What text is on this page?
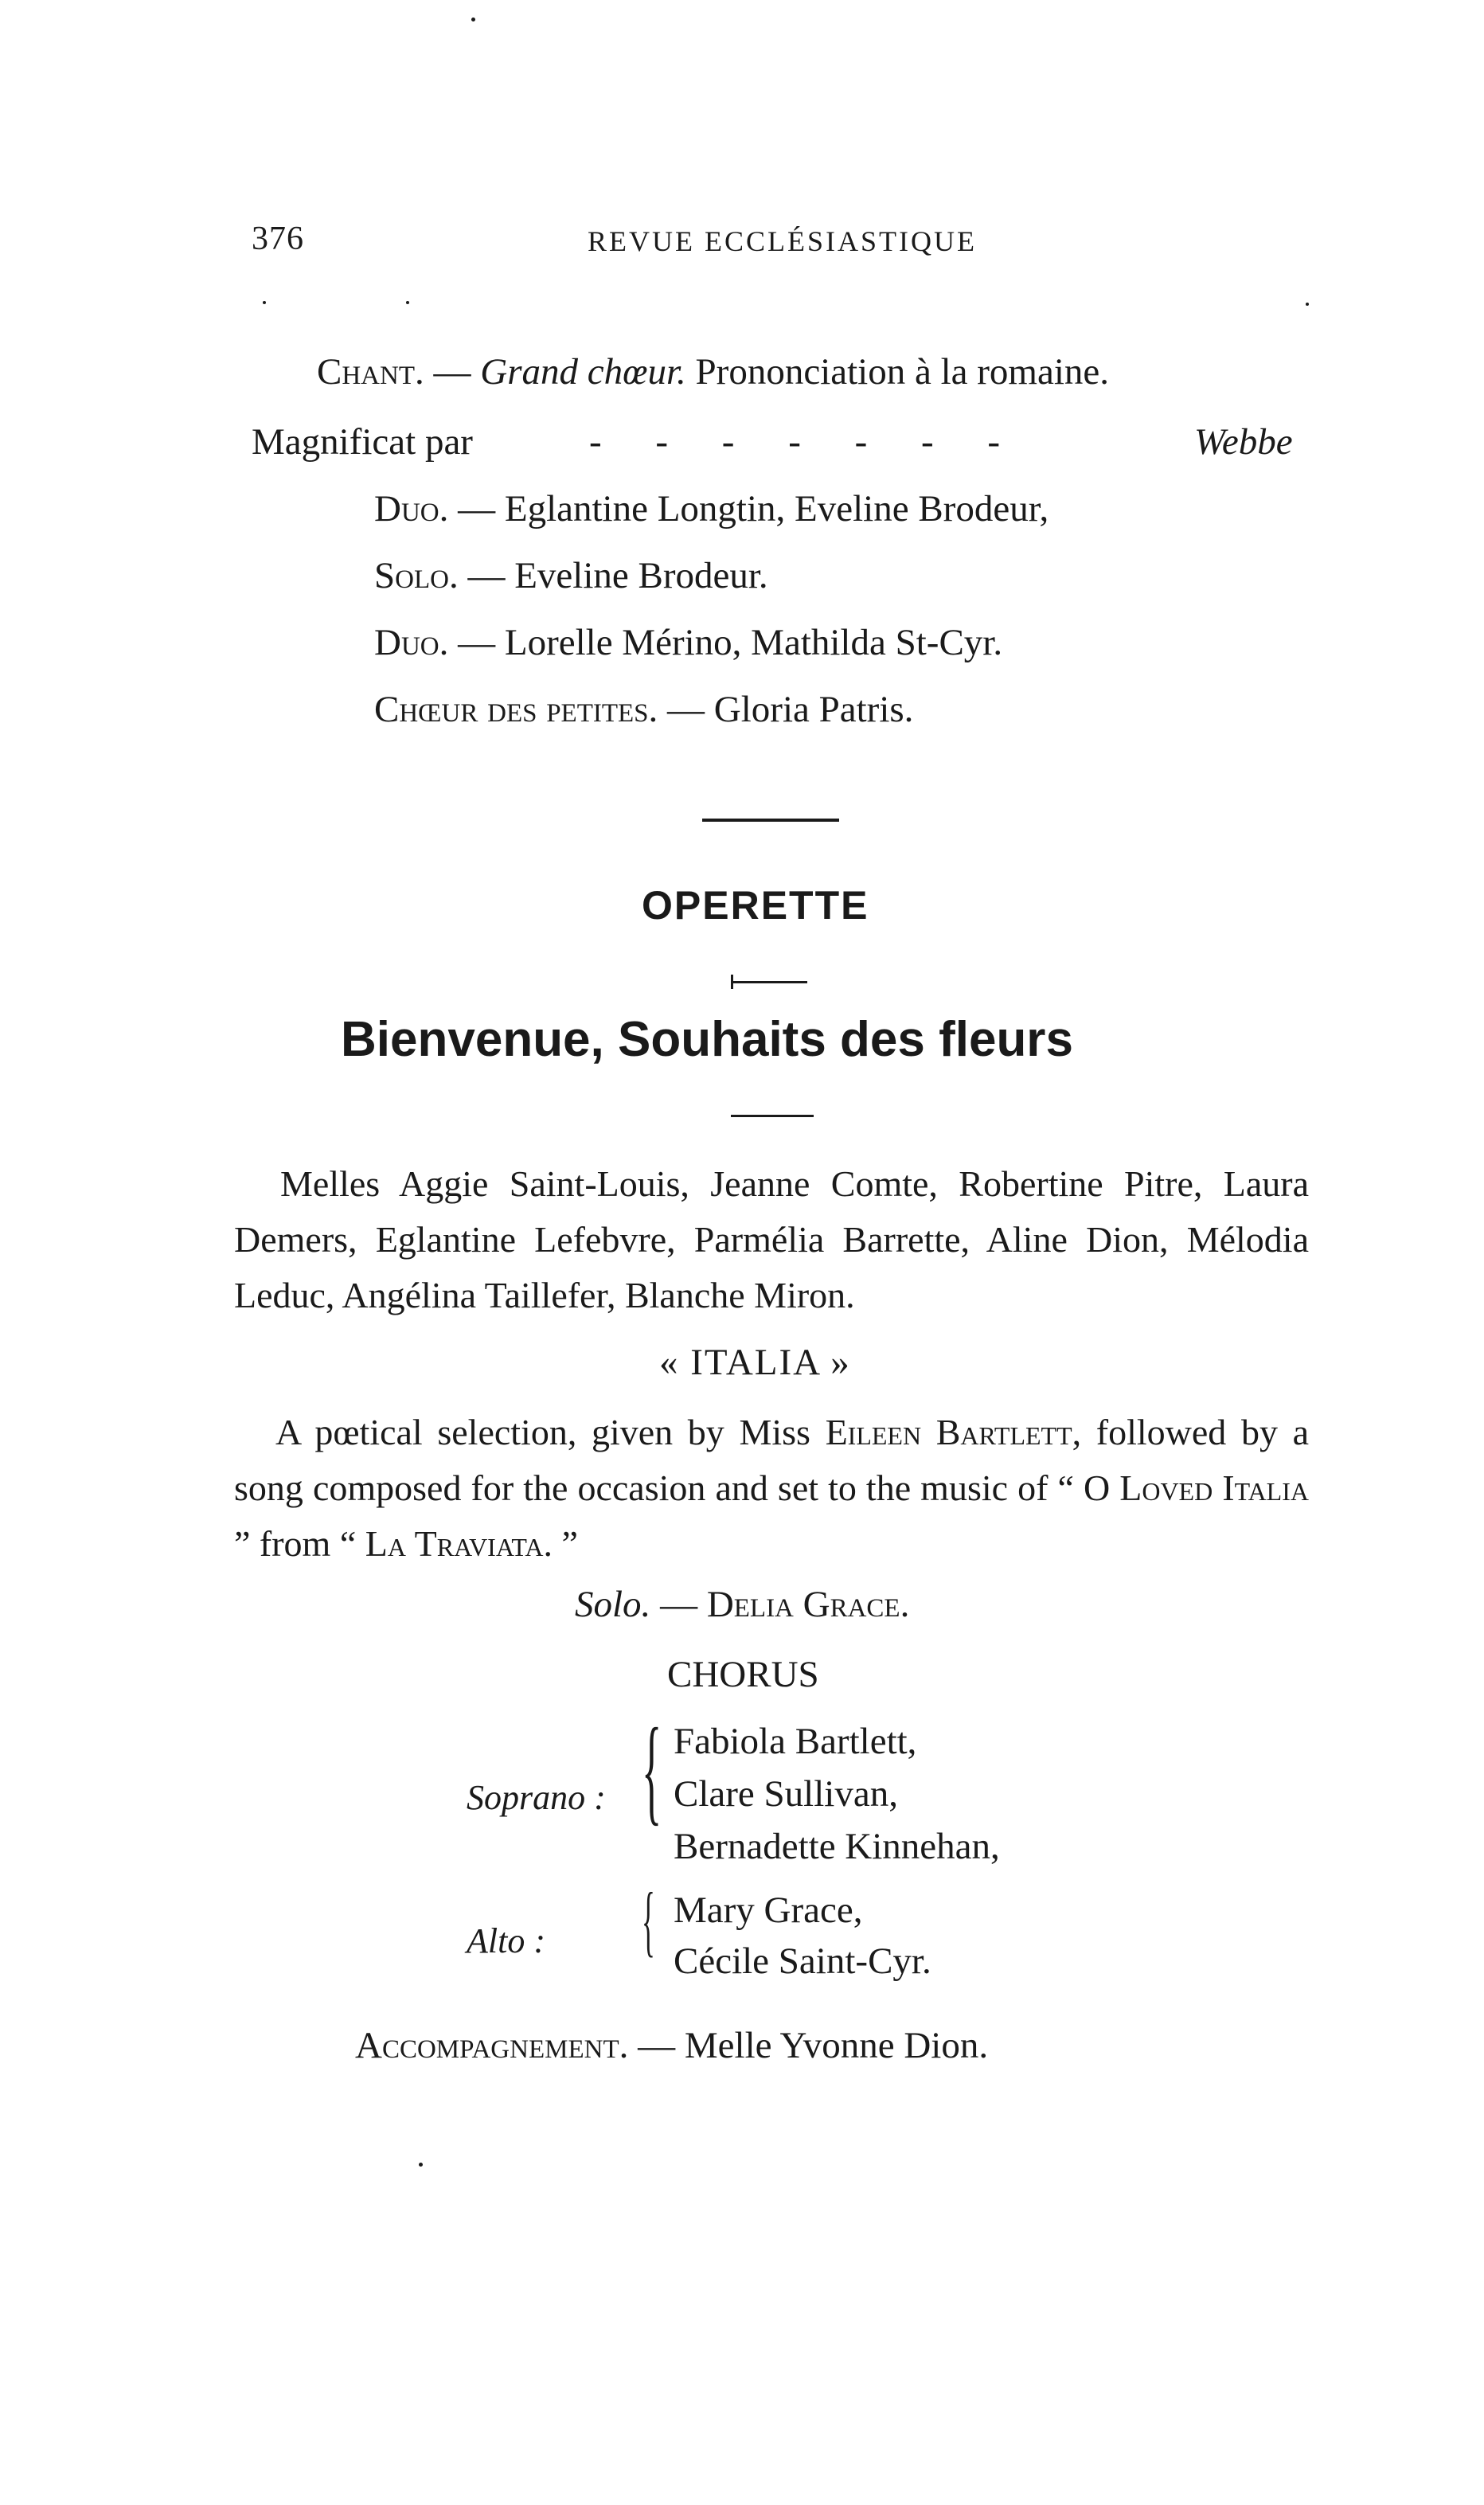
376	REVUE ECCLÉSIASTIQUE
Chant. — Grand chœur. Prononciation à la romaine.
Magnificat par	- - - - - - -	Webbe
Duo. — Eglantine Longtin, Eveline Brodeur,
Solo. — Eveline Brodeur.
Duo. — Lorelle Mérino, Mathilda St-Cyr.
Chœur des petites. — Gloria Patris.
OPERETTE
Bienvenue, Souhaits des fleurs
Melles Aggie Saint-Louis, Jeanne Comte, Robertine Pitre, Laura Demers, Eglantine Lefebvre, Parmélia Barrette, Aline Dion, Mélodia Leduc, Angélina Taillefer, Blanche Miron.
« ITALIA »
A pœtical selection, given by Miss Eileen Bartlett, followed by a song composed for the occasion and set to the music of “ O Loved Italia ” from “ La Traviata. ”
Solo. — Delia Grace.
CHORUS
Soprano : { Fabiola Bartlett,
Clare Sullivan,
Bernadette Kinnehan,
Alto : { Mary Grace,
Cécile Saint-Cyr.
Accompagnement. — Melle Yvonne Dion.
